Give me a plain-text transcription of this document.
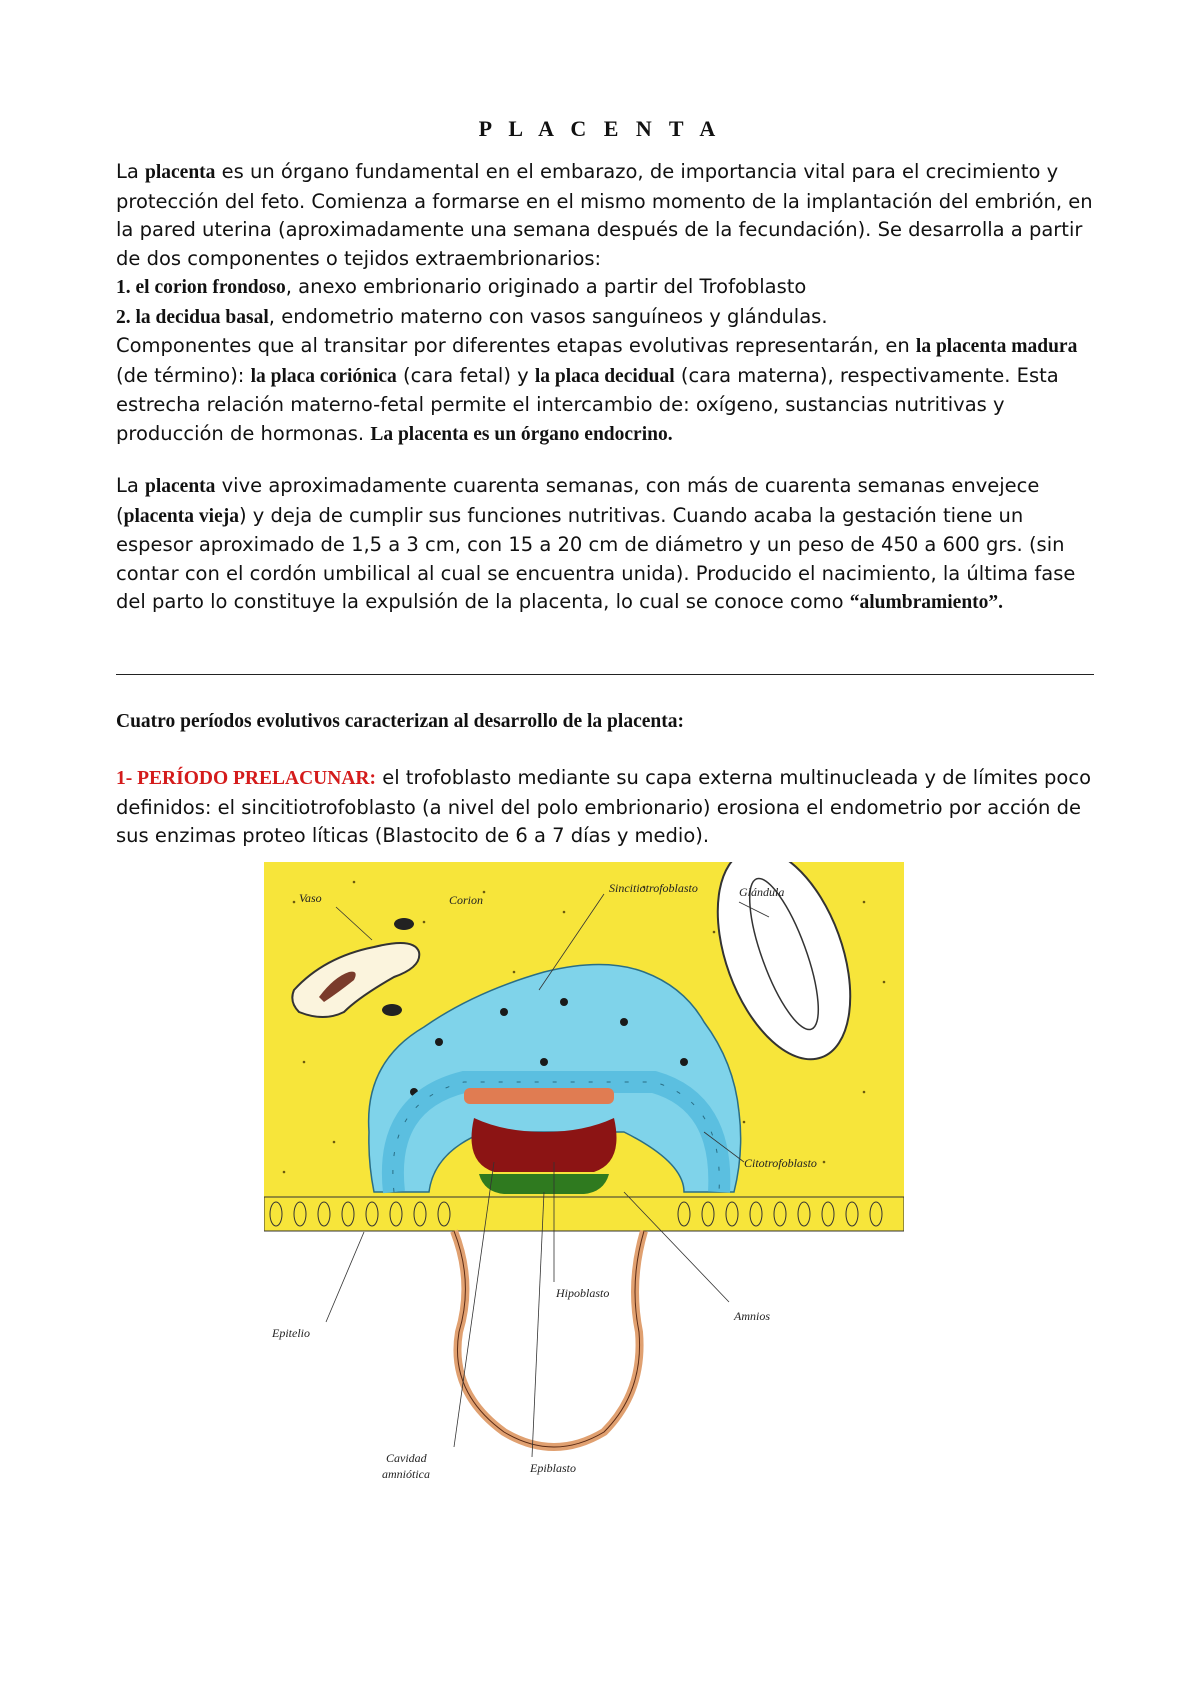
P L A C E N T A

La placenta es un órgano fundamental en el embarazo, de importancia vital para el crecimiento y protección del feto. Comienza a formarse en el mismo momento de la implantación del embrión, en la pared uterina (aproximadamente una semana después de la fecundación). Se desarrolla a partir de dos componentes o tejidos extraembrionarios:

1. el corion frondoso, anexo embrionario originado a partir del Trofoblasto

2. la decidua basal, endometrio materno con vasos sanguíneos y glándulas.

Componentes que al transitar por diferentes etapas evolutivas representarán, en la placenta madura (de término): la placa coriónica (cara fetal) y la placa decidual (cara materna), respectivamente. Esta estrecha relación materno-fetal permite el intercambio de: oxígeno, sustancias nutritivas y producción de hormonas. La placenta es un órgano endocrino.

La placenta vive aproximadamente cuarenta semanas, con más de cuarenta semanas envejece (placenta vieja) y deja de cumplir sus funciones nutritivas. Cuando acaba la gestación tiene un espesor aproximado de 1,5 a 3 cm, con 15 a 20 cm de diámetro y un peso de 450 a 600 grs. (sin contar con el cordón umbilical al cual se encuentra unida). Producido el nacimiento, la última fase del parto lo constituye la expulsión de la placenta, lo cual se conoce como “alumbramiento”.

Cuatro períodos evolutivos caracterizan al desarrollo de la placenta:

1- PERÍODO PRELACUNAR: el trofoblasto mediante su capa externa multinucleada y de límites poco definidos: el sincitiotrofoblasto (a nivel del polo embrionario) erosiona el endometrio por acción de sus enzimas proteo líticas (Blastocito de 6 a 7 días y medio).

Vaso	Corion
Sincitiotrofoblasto	Glándula
Citotrofoblasto
Hipoblasto
Amnios
Epitelio
Cavidad
amniótica	Epiblasto
